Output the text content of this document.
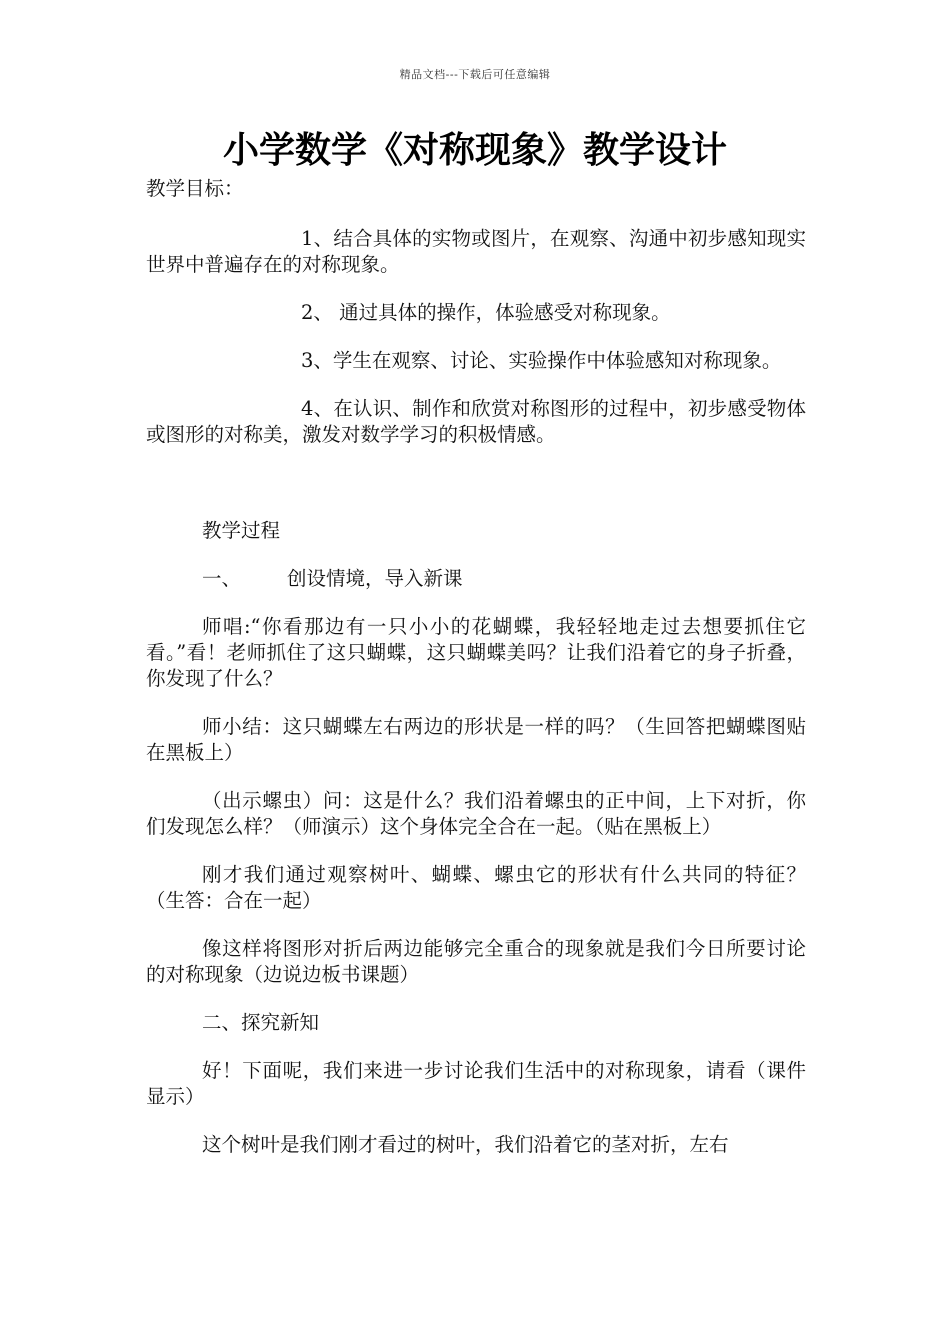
精品文档---下载后可任意编辑
小学数学《对称现象》教学设计

教学目标：

1、结合具体的实物或图片，在观察、沟通中初步感知现实世界中普遍存在的对称现象。

2、 通过具体的操作，体验感受对称现象。

3、学生在观察、讨论、实验操作中体验感知对称现象。

4、在认识、制作和欣赏对称图形的过程中，初步感受物体或图形的对称美，激发对数学学习的积极情感。

教学过程

一、 创设情境，导入新课

师唱:“你看那边有一只小小的花蝴蝶，我轻轻地走过去想要抓住它看。”看！老师抓住了这只蝴蝶，这只蝴蝶美吗？让我们沿着它的身子折叠，你发现了什么？

师小结：这只蝴蝶左右两边的形状是一样的吗？（生回答把蝴蝶图贴在黑板上）

（出示螺虫）问：这是什么？我们沿着螺虫的正中间，上下对折，你们发现怎么样？（师演示）这个身体完全合在一起。（贴在黑板上）

刚才我们通过观察树叶、蝴蝶、螺虫它的形状有什么共同的特征？（生答：合在一起）

像这样将图形对折后两边能够完全重合的现象就是我们今日所要讨论的对称现象（边说边板书课题）

二、探究新知

好！下面呢，我们来进一步讨论我们生活中的对称现象，请看（课件显示）

这个树叶是我们刚才看过的树叶，我们沿着它的茎对折，左右
